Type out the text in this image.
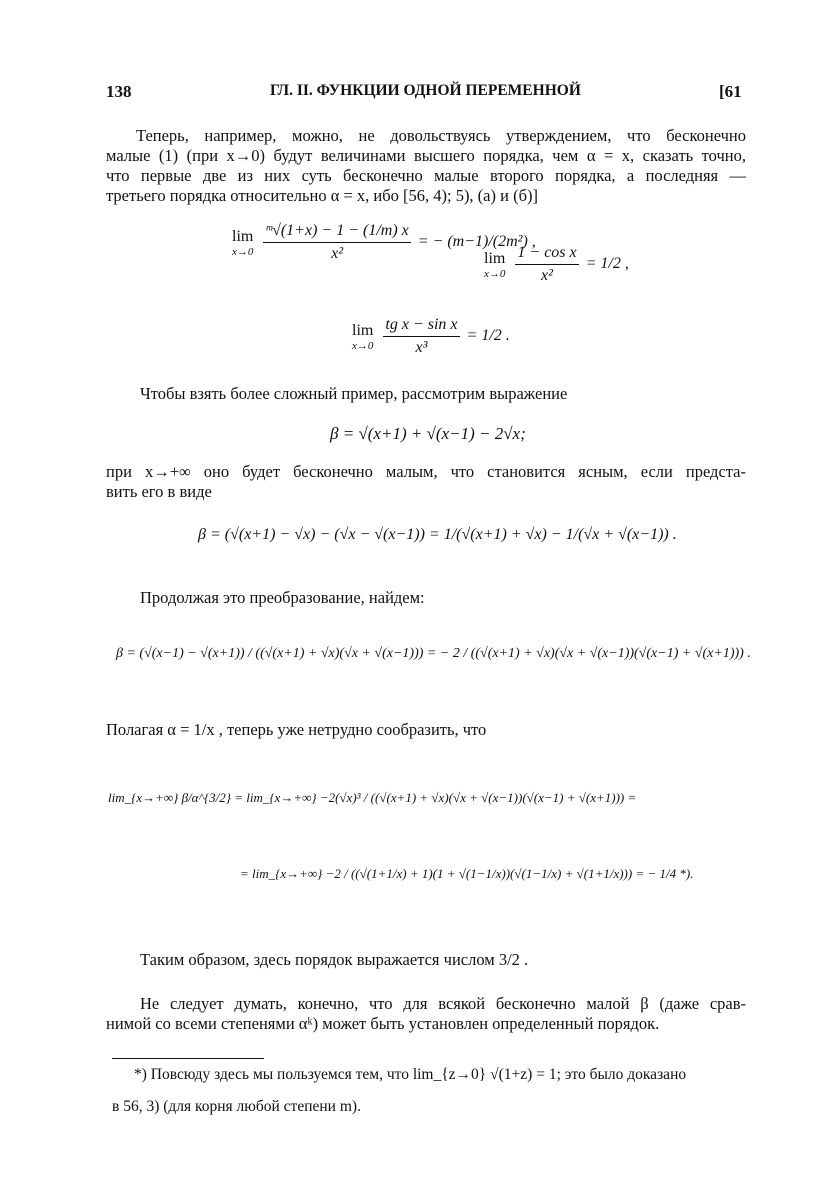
138	ГЛ. II. ФУНКЦИИ ОДНОЙ ПЕРЕМЕННОЙ	[61
Теперь, например, можно, не довольствуясь утверждением, что бесконечно
малые (1) (при x→0) будут величинами высшего порядка, чем α = x, сказать точно,
что первые две из них суть бесконечно малые второго порядка, а последняя —
третьего порядка относительно α = x, ибо [56, 4); 5), (а) и (б)]
lim
x→0
$\frac{\text{ᵐ√(1+x) − 1 − (1/m) x}}{\text{x²}}$ = − (m−1)/(2m²) ,
lim
x→0
$\frac{\text{1 − cos x}}{\text{x²}} = 1/2$ ,
lim
x→0
$\frac{\text{tg x − sin x}}{\text{x³}} = 1/2$ .
Чтобы взять более сложный пример, рассмотрим выражение
β = √(x+1) + √(x−1) − 2√x;
при x→+∞ оно будет бесконечно малым, что становится ясным, если предста-
вить его в виде
β = (√(x+1) − √x) − (√x − √(x−1)) = 1/(√(x+1) + √x) − 1/(√x + √(x−1)) .
Продолжая это преобразование, найдем:
β = (√(x−1) − √(x+1)) / ((√(x+1) + √x)(√x + √(x−1))) = − 2 / ((√(x+1) + √x)(√x + √(x−1))(√(x−1) + √(x+1))) .
Полагая α = 1/x , теперь уже нетрудно сообразить, что
lim_{x→+∞} β/α^{3/2} = lim_{x→+∞} −2(√x)³ / ((√(x+1) + √x)(√x + √(x−1))(√(x−1) + √(x+1))) =
= lim_{x→+∞} −2 / ((√(1+1/x) + 1)(1 + √(1−1/x))(√(1−1/x) + √(1+1/x))) = − 1/4 *).
Таким образом, здесь порядок выражается числом 3/2 .
Не следует думать, конечно, что для всякой бесконечно малой β (даже срав-
нимой со всеми степенями αᵏ) может быть установлен определенный порядок.
*) Повсюду здесь мы пользуемся тем, что lim_{z→0} √(1+z) = 1; это было доказано
в 56, 3) (для корня любой степени m).
